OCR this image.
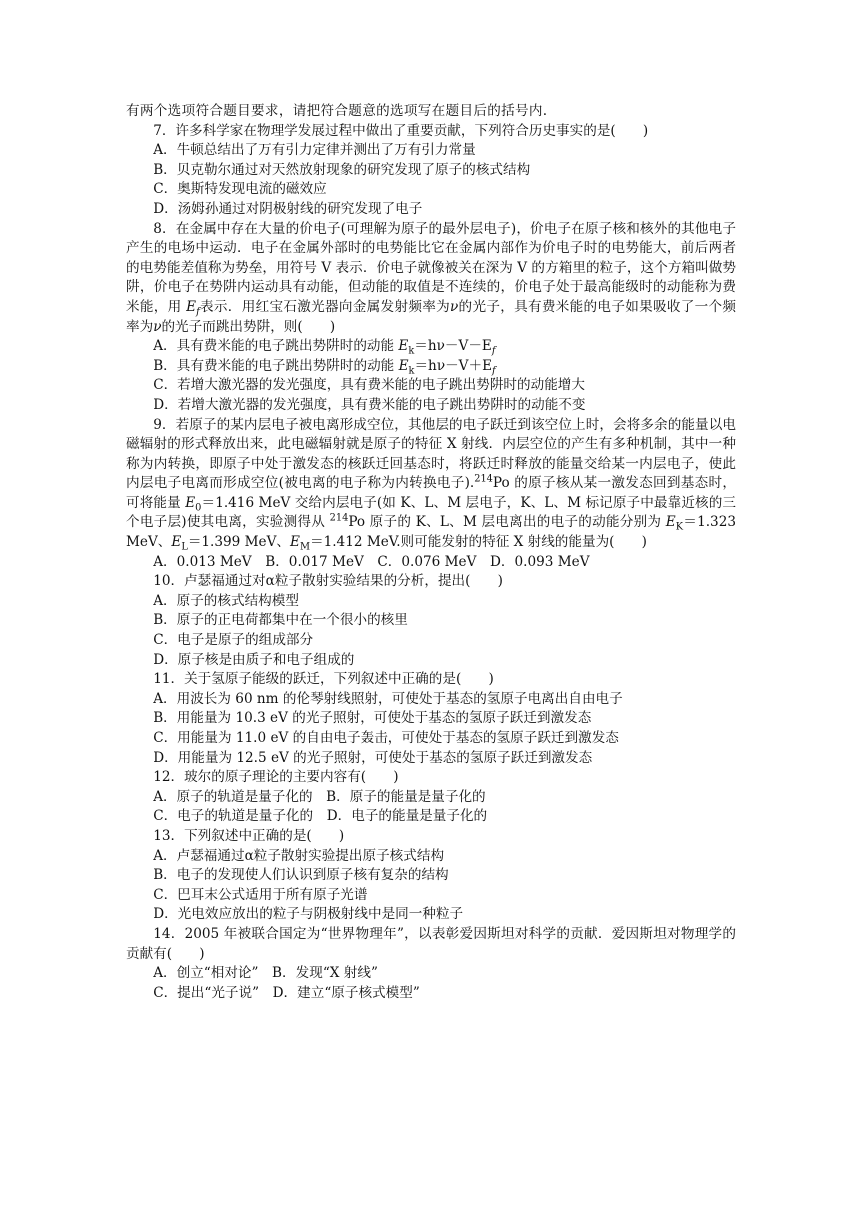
有两个选项符合题目要求，请把符合题意的选项写在题目后的括号内.

7．许多科学家在物理学发展过程中做出了重要贡献，下列符合历史事实的是(　　)

A．牛顿总结出了万有引力定律并测出了万有引力常量

B．贝克勒尔通过对天然放射现象的研究发现了原子的核式结构

C．奥斯特发现电流的磁效应

D．汤姆孙通过对阴极射线的研究发现了电子

8．在金属中存在大量的价电子(可理解为原子的最外层电子)，价电子在原子核和核外的其他电子产生的电场中运动．电子在金属外部时的电势能比它在金属内部作为价电子时的电势能大，前后两者的电势能差值称为势垒，用符号 V 表示．价电子就像被关在深为 V 的方箱里的粒子，这个方箱叫做势阱，价电子在势阱内运动具有动能，但动能的取值是不连续的，价电子处于最高能级时的动能称为费米能，用 $E_f$表示．用红宝石激光器向金属发射频率为ν的光子，具有费米能的电子如果吸收了一个频率为ν的光子而跳出势阱，则(　　)

A．具有费米能的电子跳出势阱时的动能 $E_k=h\nu-V-E_f$

B．具有费米能的电子跳出势阱时的动能 $E_k=h\nu-V+E_f$

C．若增大激光器的发光强度，具有费米能的电子跳出势阱时的动能增大

D．若增大激光器的发光强度，具有费米能的电子跳出势阱时的动能不变

9．若原子的某内层电子被电离形成空位，其他层的电子跃迁到该空位上时，会将多余的能量以电磁辐射的形式释放出来，此电磁辐射就是原子的特征 X 射线．内层空位的产生有多种机制，其中一种称为内转换，即原子中处于激发态的核跃迁回基态时，将跃迁时释放的能量交给某一内层电子，使此内层电子电离而形成空位(被电离的电子称为内转换电子).$^{214}$Po 的原子核从某一激发态回到基态时，可将能量 $E_0=1.416$ MeV 交给内层电子(如 K、L、M 层电子，K、L、M 标记原子中最靠近核的三个电子层)使其电离，实验测得从 $^{214}$Po 原子的 K、L、M 层电离出的电子的动能分别为 $E_K=1.323$ MeV、$E_L=1.399$ MeV、$E_M=1.412$ MeV.则可能发射的特征 X 射线的能量为(　　)

A．0.013 MeV　B．0.017 MeV　C．0.076 MeV　D．0.093 MeV

10．卢瑟福通过对α粒子散射实验结果的分析，提出(　　)

A．原子的核式结构模型

B．原子的正电荷都集中在一个很小的核里

C．电子是原子的组成部分

D．原子核是由质子和电子组成的

11．关于氢原子能级的跃迁，下列叙述中正确的是(　　)

A．用波长为 60 nm 的伦琴射线照射，可使处于基态的氢原子电离出自由电子

B．用能量为 10.3 eV 的光子照射，可使处于基态的氢原子跃迁到激发态

C．用能量为 11.0 eV 的自由电子轰击，可使处于基态的氢原子跃迁到激发态

D．用能量为 12.5 eV 的光子照射，可使处于基态的氢原子跃迁到激发态

12．玻尔的原子理论的主要内容有(　　)

A．原子的轨道是量子化的　B．原子的能量是量子化的

C．电子的轨道是量子化的　D．电子的能量是量子化的

13．下列叙述中正确的是(　　)

A．卢瑟福通过α粒子散射实验提出原子核式结构

B．电子的发现使人们认识到原子核有复杂的结构

C．巴耳末公式适用于所有原子光谱

D．光电效应放出的粒子与阴极射线中是同一种粒子

14．2005 年被联合国定为“世界物理年”，以表彰爱因斯坦对科学的贡献．爱因斯坦对物理学的贡献有(　　)

A．创立“相对论”　B．发现“X 射线”

C．提出“光子说”　D．建立“原子核式模型”
